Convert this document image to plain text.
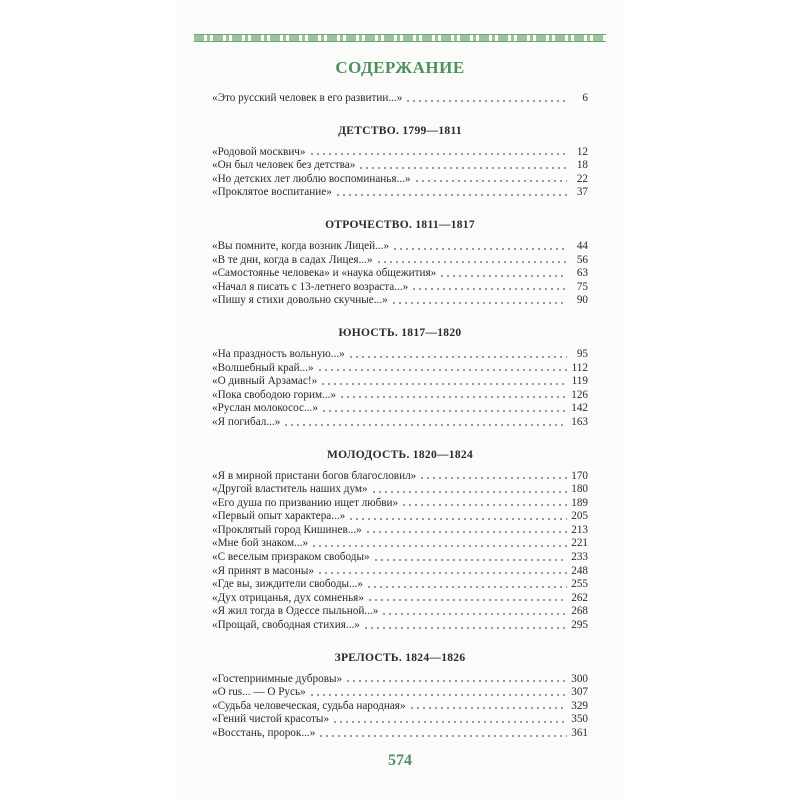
СОДЕРЖАНИЕ
«Это русский человек в его развитии...»	6
ДЕТСТВО. 1799—1811
«Родовой москвич»	12
«Он был человек без детства»	18
«Но детских лет люблю воспоминанья...»	22
«Проклятое воспитание»	37
ОТРОЧЕСТВО. 1811—1817
«Вы помните, когда возник Лицей...»	44
«В те дни, когда в садах Лицея...»	56
«Самостоянье человека» и «наука общежития»	63
«Начал я писать с 13-летнего возраста...»	75
«Пишу я стихи довольно скучные...»	90
ЮНОСТЬ. 1817—1820
«На праздность вольную...»	95
«Волшебный край...»	112
«О дивный Арзамас!»	119
«Пока свободою горим...»	126
«Руслан молокосос...»	142
«Я погибал...»	163
МОЛОДОСТЬ. 1820—1824
«Я в мирной пристани богов благословил»	170
«Другой властитель наших дум»	180
«Его душа по призванию ищет любви»	189
«Первый опыт характера...»	205
«Проклятый город Кишинев...»	213
«Мне бой знаком...»	221
«С веселым призраком свободы»	233
«Я принят в масоны»	248
«Где вы, зиждители свободы...»	255
«Дух отрицанья, дух сомненья»	262
«Я жил тогда в Одессе пыльной...»	268
«Прощай, свободная стихия...»	295
ЗРЕЛОСТЬ. 1824—1826
«Гостеприимные дубровы»	300
«O rus... — О Русь»	307
«Судьба человеческая, судьба народная»	329
«Гений чистой красоты»	350
«Восстань, пророк...»	361
574
